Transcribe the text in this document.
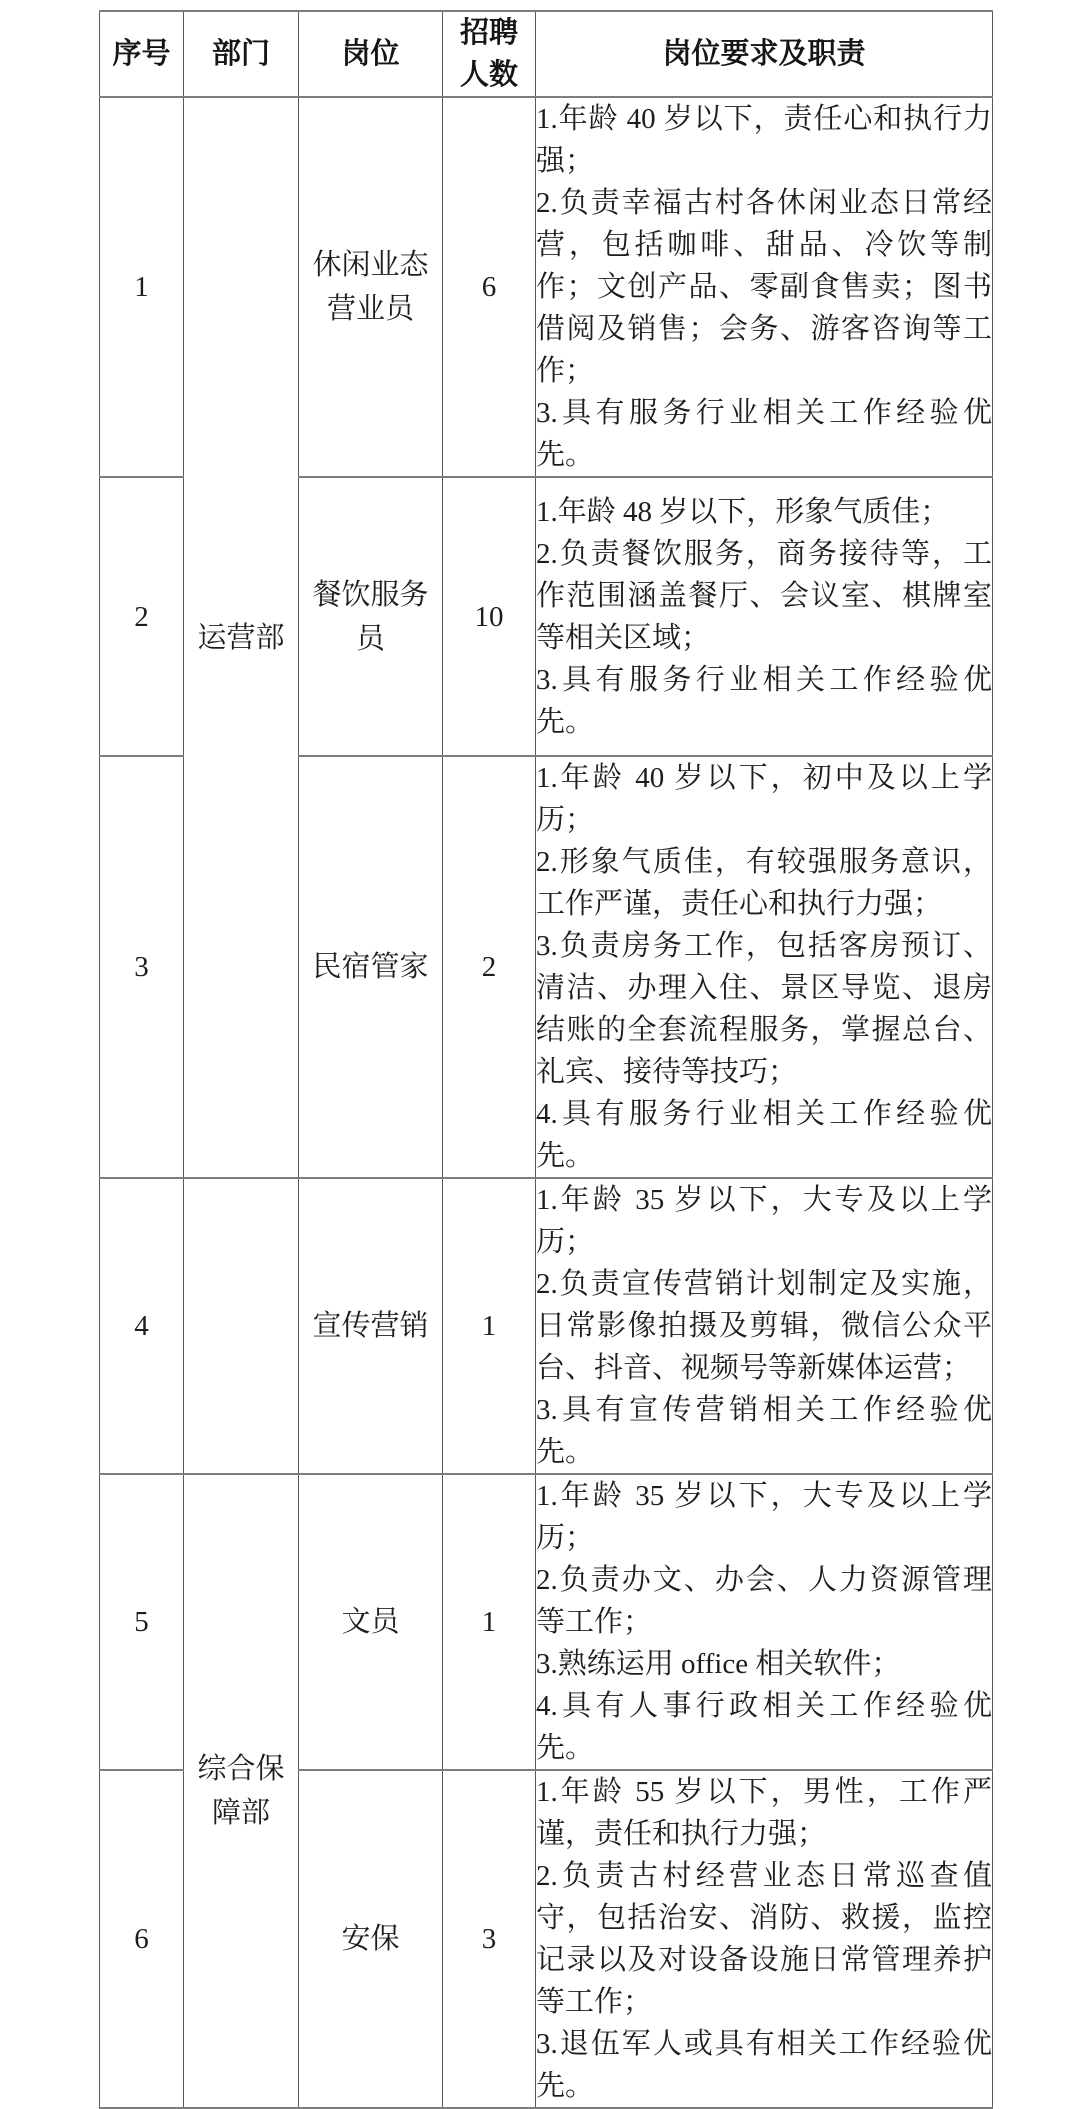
序号	部门	岗位	招聘人数	岗位要求及职责
1	运营部	休闲业态营业员	6	1.年龄 40 岁以下，责任心和执行力强；
2.负责幸福古村各休闲业态日常经营，包括咖啡、甜品、冷饮等制作；文创产品、零副食售卖；图书借阅及销售；会务、游客咨询等工作；
3.具有服务行业相关工作经验优先。

2		餐饮服务员	10	1.年龄 48 岁以下，形象气质佳；
2.负责餐饮服务，商务接待等，工作范围涵盖餐厅、会议室、棋牌室等相关区域；
3.具有服务行业相关工作经验优先。

3		民宿管家	2	1.年龄 40 岁以下，初中及以上学历；
2.形象气质佳，有较强服务意识，工作严谨，责任心和执行力强；
3.负责房务工作，包括客房预订、清洁、办理入住、景区导览、退房结账的全套流程服务，掌握总台、礼宾、接待等技巧；
4.具有服务行业相关工作经验优先。

4		宣传营销	1	1.年龄 35 岁以下，大专及以上学历；
2.负责宣传营销计划制定及实施，日常影像拍摄及剪辑，微信公众平台、抖音、视频号等新媒体运营；
3.具有宣传营销相关工作经验优先。

5	综合保障部	文员	1	1.年龄 35 岁以下，大专及以上学历；
2.负责办文、办会、人力资源管理等工作；
3.熟练运用 office 相关软件；
4.具有人事行政相关工作经验优先。

6		安保	3	1.年龄 55 岁以下，男性，工作严谨，责任和执行力强；
2.负责古村经营业态日常巡查值守，包括治安、消防、救援，监控记录以及对设备设施日常管理养护等工作；
3.退伍军人或具有相关工作经验优先。
